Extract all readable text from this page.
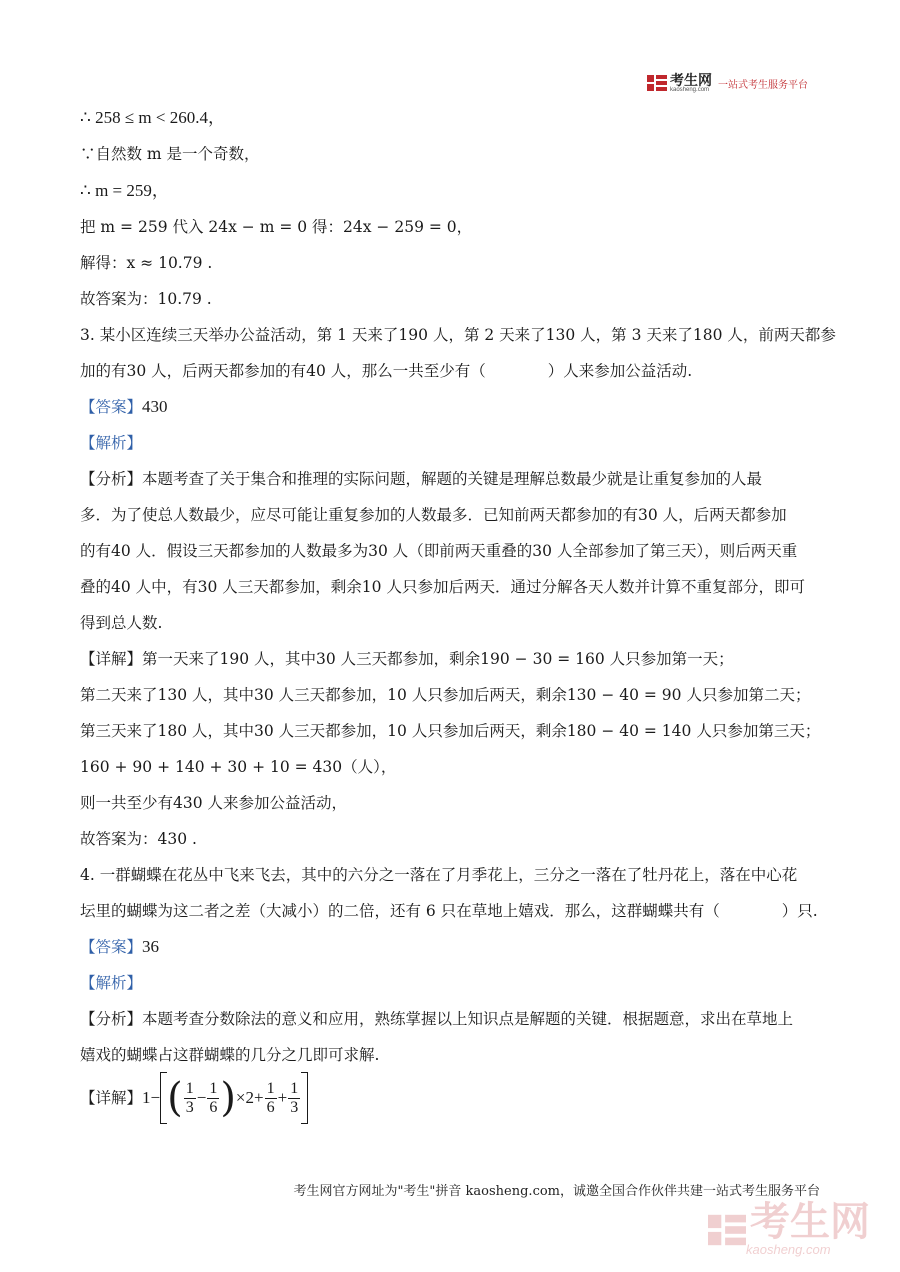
考生网
kaosheng.com 一站式考生服务平台
∴ 258 ≤ m < 260.4，
∵自然数 m 是一个奇数，
∴ m = 259，
把 m = 259 代入 24x − m = 0 得：24x − 259 = 0，
解得：x ≈ 10.79 .
故答案为：10.79 .
3. 某小区连续三天举办公益活动，第 1 天来了190 人，第 2 天来了130 人，第 3 天来了180 人，前两天都参
加的有30 人，后两天都参加的有40 人，那么一共至少有（　　　　）人来参加公益活动.
【答案】430
【解析】
【分析】本题考查了关于集合和推理的实际问题，解题的关键是理解总数最少就是让重复参加的人最
多．为了使总人数最少，应尽可能让重复参加的人数最多．已知前两天都参加的有30 人，后两天都参加
的有40 人．假设三天都参加的人数最多为30 人（即前两天重叠的30 人全部参加了第三天），则后两天重
叠的40 人中，有30 人三天都参加，剩余10 人只参加后两天．通过分解各天人数并计算不重复部分，即可
得到总人数.
【详解】第一天来了190 人，其中30 人三天都参加，剩余190 − 30 = 160 人只参加第一天；
第二天来了130 人，其中30 人三天都参加，10 人只参加后两天，剩余130 − 40 = 90 人只参加第二天；
第三天来了180 人，其中30 人三天都参加，10 人只参加后两天，剩余180 − 40 = 140 人只参加第三天；
160 + 90 + 140 + 30 + 10 = 430（人），
则一共至少有430 人来参加公益活动，
故答案为：430 .
4. 一群蝴蝶在花丛中飞来飞去，其中的六分之一落在了月季花上，三分之一落在了牡丹花上，落在中心花
坛里的蝴蝶为这二者之差（大减小）的二倍，还有 6 只在草地上嬉戏．那么，这群蝴蝶共有（　　　　）只.
【答案】36
【解析】
【分析】本题考查分数除法的意义和应用，熟练掌握以上知识点是解题的关键．根据题意，求出在草地上
嬉戏的蝴蝶占这群蝴蝶的几分之几即可求解.
【详解】 1− ( $\frac{1}{3} - \frac{1}{6}$ ) $\times 2+ \frac{1}{6} + \frac{1}{3}$
考生网官方网址为"考生"拼音 kaosheng.com，诚邀全国合作伙伴共建一站式考生服务平台
考生网
kaosheng.com
